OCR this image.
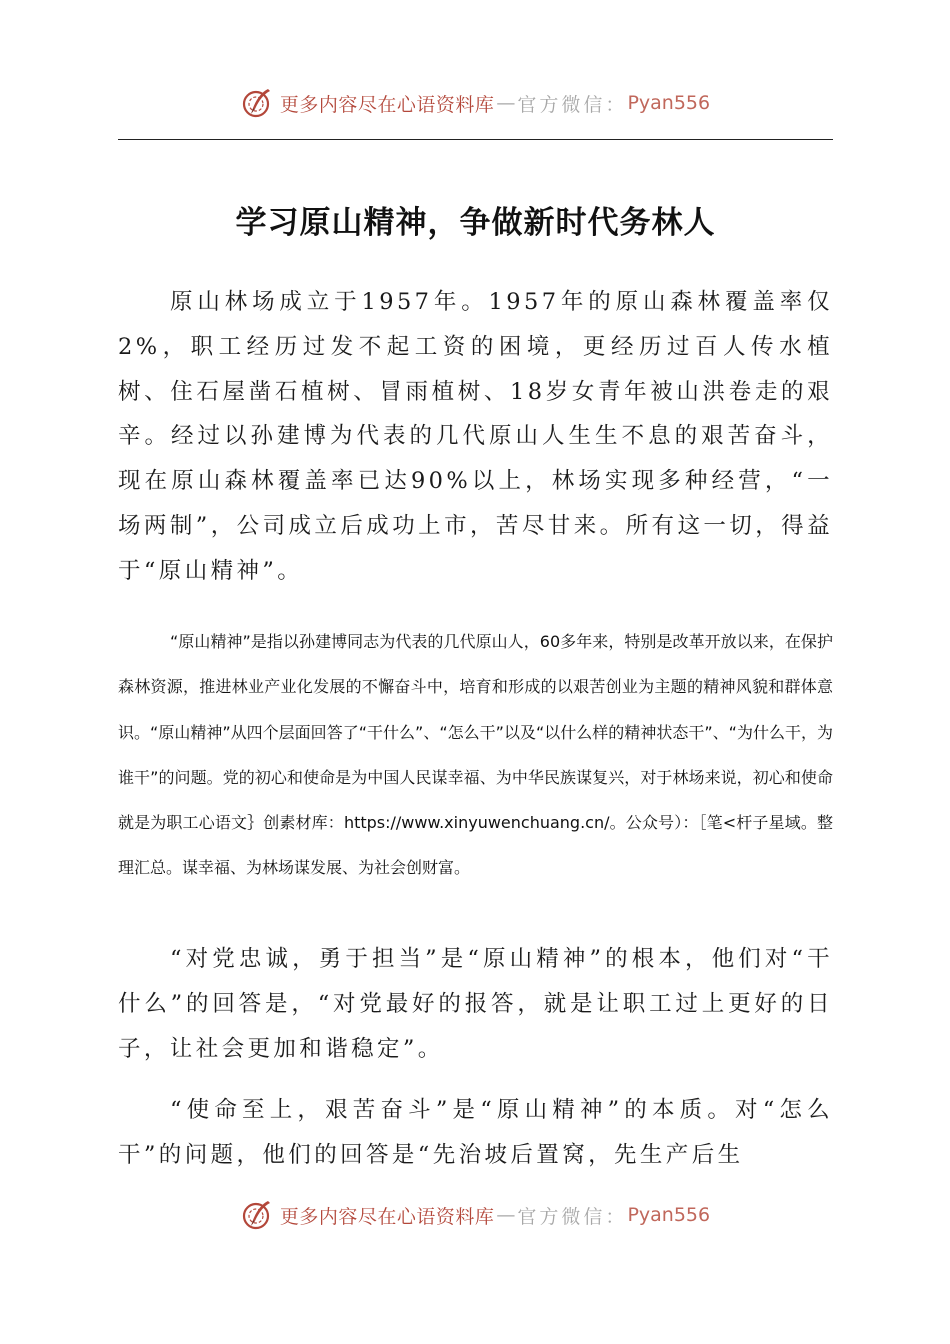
更多内容尽在心语资料库 — 官方微信： Pyan556
学习原山精神，争做新时代务林人

原山林场成立于1957年。1957年的原山森林覆盖率仅2%，职工经历过发不起工资的困境，更经历过百人传水植树、住石屋凿石植树、冒雨植树、18岁女青年被山洪卷走的艰辛。经过以孙建博为代表的几代原山人生生不息的艰苦奋斗，现在原山森林覆盖率已达90%以上，林场实现多种经营，“一场两制”，公司成立后成功上市，苦尽甘来。所有这一切，得益于“原山精神”。

“原山精神”是指以孙建博同志为代表的几代原山人，60多年来，特别是改革开放以来，在保护森林资源，推进林业产业化发展的不懈奋斗中，培育和形成的以艰苦创业为主题的精神风貌和群体意识。“原山精神”从四个层面回答了“干什么”、“怎么干”以及“以什么样的精神状态干”、“为什么干，为谁干”的问题。党的初心和使命是为中国人民谋幸福、为中华民族谋复兴，对于林场来说，初心和使命就是为职工心语文｝创素材库：https://www.xinyuwenchuang.cn/。公众号）：［笔<杆子星域。整理汇总。谋幸福、为林场谋发展、为社会创财富。

“对党忠诚，勇于担当”是“原山精神”的根本，他们对“干什么”的回答是，“对党最好的报答，就是让职工过上更好的日子，让社会更加和谐稳定”。

“使命至上，艰苦奋斗”是“原山精神”的本质。对“怎么干”的问题，他们的回答是“先治坡后置窝，先生产后生

更多内容尽在心语资料库 — 官方微信： Pyan556
